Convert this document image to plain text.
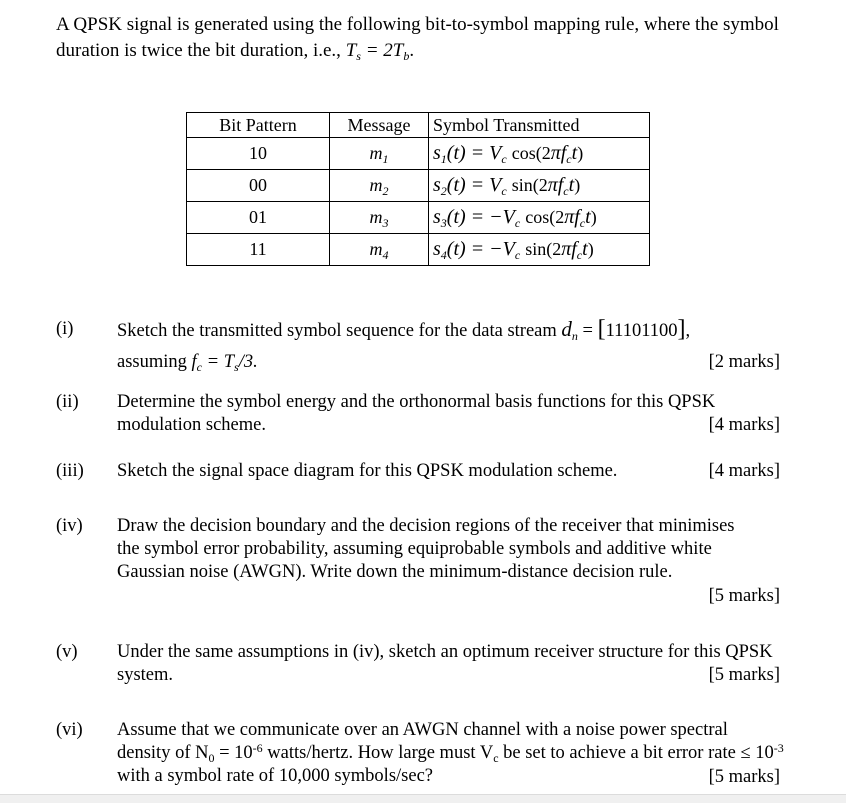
A QPSK signal is generated using the following bit-to-symbol mapping rule, where the symbol duration is twice the bit duration, i.e., $T_s = 2T_b$.
Bit Pattern	Message	Symbol Transmitted
10	$m_1$	$s_1(t) = V_c$ $\cos(2\pi f_ct)$
00	$m_2$	$s_2(t) = V_c$ $\sin(2\pi f_ct)$
01	$m_3$	$s_3(t) = -V_c$ $\cos(2\pi f_ct)$
11	$m_4$	$s_4(t) = -V_c$ $\sin(2\pi f_ct)$
(i) Sketch the transmitted symbol sequence for the data stream $d_n = [11101100]$,
assuming $f_c = T_s/3$.	[2 marks]
(ii) Determine the symbol energy and the orthonormal basis functions for this QPSK modulation scheme.	[4 marks]
(iii) Sketch the signal space diagram for this QPSK modulation scheme.	[4 marks]
(iv) Draw the decision boundary and the decision regions of the receiver that minimises the symbol error probability, assuming equiprobable symbols and additive white Gaussian noise (AWGN). Write down the minimum-distance decision rule.
[5 marks]
(v) Under the same assumptions in (iv), sketch an optimum receiver structure for this QPSK system.	[5 marks]
(vi) Assume that we communicate over an AWGN channel with a noise power spectral density of $N_0 = 10^{-6}$ watts/hertz. How large must $V_c$ be set to achieve a bit error rate ≤ $10^{-3}$ with a symbol rate of 10,000 symbols/sec?	[5 marks]
